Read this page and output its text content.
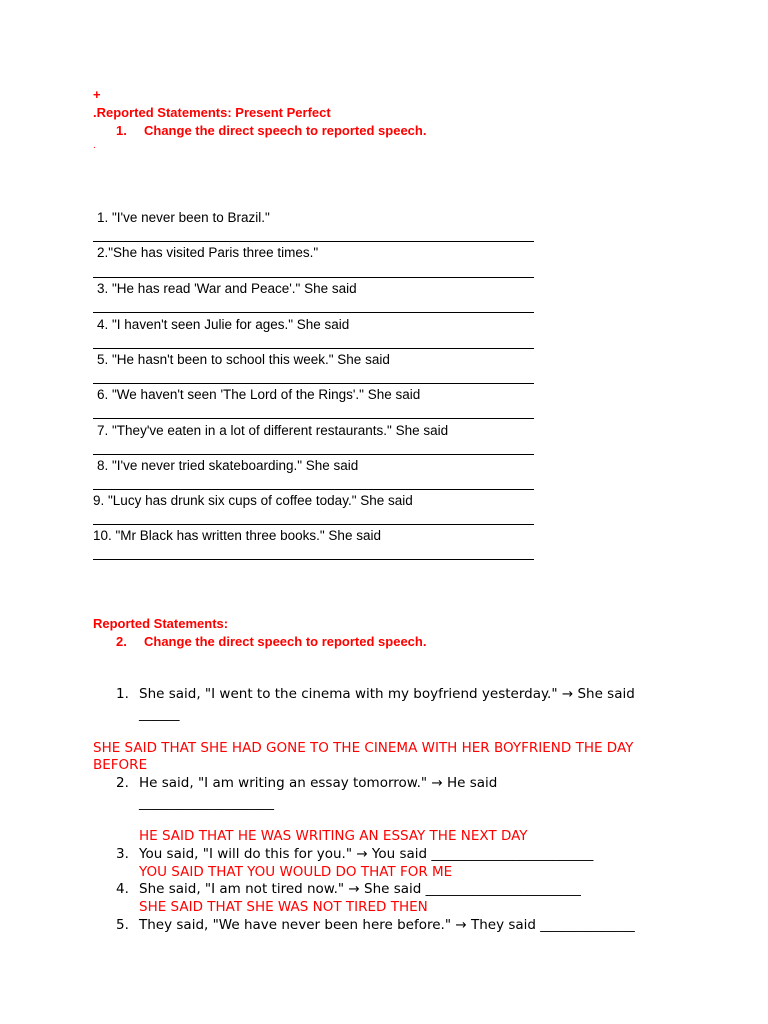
+
.Reported Statements: Present Perfect
1. Change the direct speech to reported speech.
.
1. "I've never been to Brazil."
2."She has visited Paris three times."
3. "He has read 'War and Peace'." She said
4. "I haven't seen Julie for ages." She said
5. "He hasn't been to school this week." She said
6. "We haven't seen 'The Lord of the Rings'." She said
7. "They've eaten in a lot of different restaurants." She said
8. "I've never tried skateboarding." She said
9. "Lucy has drunk six cups of coffee today." She said
10. "Mr Black has written three books." She said
Reported Statements:
2. Change the direct speech to reported speech.
1. She said, "I went to the cinema with my boyfriend yesterday." → She said
______
SHE SAID THAT SHE HAD GONE TO THE CINEMA WITH HER BOYFRIEND THE DAY
BEFORE
2. He said, "I am writing an essay tomorrow." → He said
____________________
HE SAID THAT HE WAS WRITING AN ESSAY THE NEXT DAY
3. You said, "I will do this for you." → You said ________________________
YOU SAID THAT YOU WOULD DO THAT FOR ME
4. She said, "I am not tired now." → She said _______________________
SHE SAID THAT SHE WAS NOT TIRED THEN
5. They said, "We have never been here before." → They said ______________
